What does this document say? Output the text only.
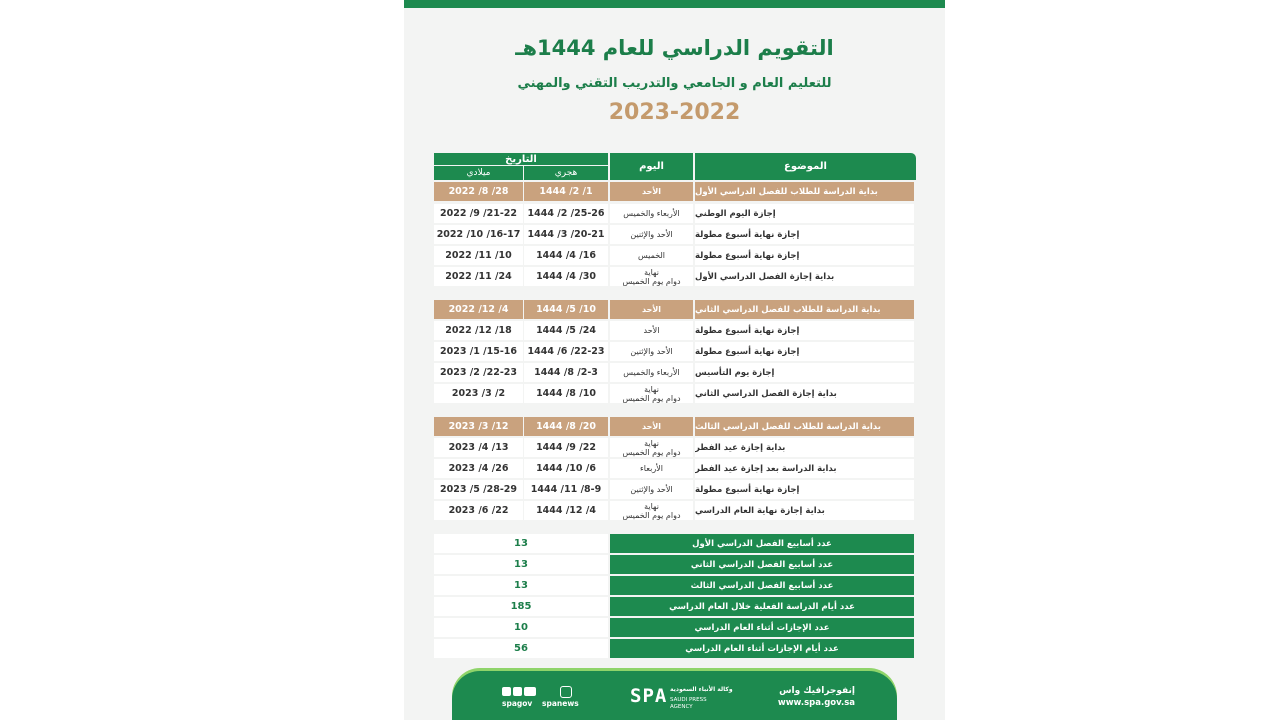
التقويم الدراسي للعام 1444هـ
للتعليم العام و الجامعي والتدريب التقني والمهني
2023-2022
الموضوع
اليوم
التاريخ
هجري
ميلادي
بداية الدراسة للطلاب للفصل الدراسي الأول
الأحد
1/ 2/ 1444
28/ 8/ 2022
إجازة اليوم الوطني
الأربعاء والخميس
25-26/ 2/ 1444
21-22/ 9/ 2022
إجازة نهاية أسبوع مطولة
الأحد والإثنين
20-21/ 3/ 1444
16-17/ 10/ 2022
إجازة نهاية أسبوع مطولة
الخميس
16/ 4/ 1444
10/ 11/ 2022
بداية إجازة الفصل الدراسي الأول
نهاية
دوام يوم الخميس
30/ 4/ 1444
24/ 11/ 2022
بداية الدراسة للطلاب للفصل الدراسي الثاني
الأحد
10/ 5/ 1444
4/ 12/ 2022
إجازة نهاية أسبوع مطولة
الأحد
24/ 5/ 1444
18/ 12/ 2022
إجازة نهاية أسبوع مطولة
الأحد والإثنين
22-23/ 6/ 1444
15-16/ 1/ 2023
إجازة يوم التأسيس
الأربعاء والخميس
2-3/ 8/ 1444
22-23/ 2/ 2023
بداية إجازة الفصل الدراسي الثاني
نهاية
دوام يوم الخميس
10/ 8/ 1444
2/ 3/ 2023
بداية الدراسة للطلاب للفصل الدراسي الثالث
الأحد
20/ 8/ 1444
12/ 3/ 2023
بداية إجازة عيد الفطر
نهاية
دوام يوم الخميس
22/ 9/ 1444
13/ 4/ 2023
بداية الدراسة بعد إجازة عيد الفطر
الأربعاء
6/ 10/ 1444
26/ 4/ 2023
إجازة نهاية أسبوع مطولة
الأحد والإثنين
8-9/ 11/ 1444
28-29/ 5/ 2023
بداية إجازة نهاية العام الدراسي
نهاية
دوام يوم الخميس
4/ 12/ 1444
22/ 6/ 2023
عدد أسابيع الفصل الدراسي الأول
13
عدد أسابيع الفصل الدراسي الثاني
13
عدد أسابيع الفصل الدراسي الثالث
13
عدد أيام الدراسة الفعلية خلال العام الدراسي
185
عدد الإجازات أثناء العام الدراسي
10
عدد أيام الإجازات أثناء العام الدراسي
56
إنفوجرافيك واس
www.spa.gov.sa
SPA وكالة الأنباء السعودية
SAUDI PRESS AGENCY
spanews
spagov
